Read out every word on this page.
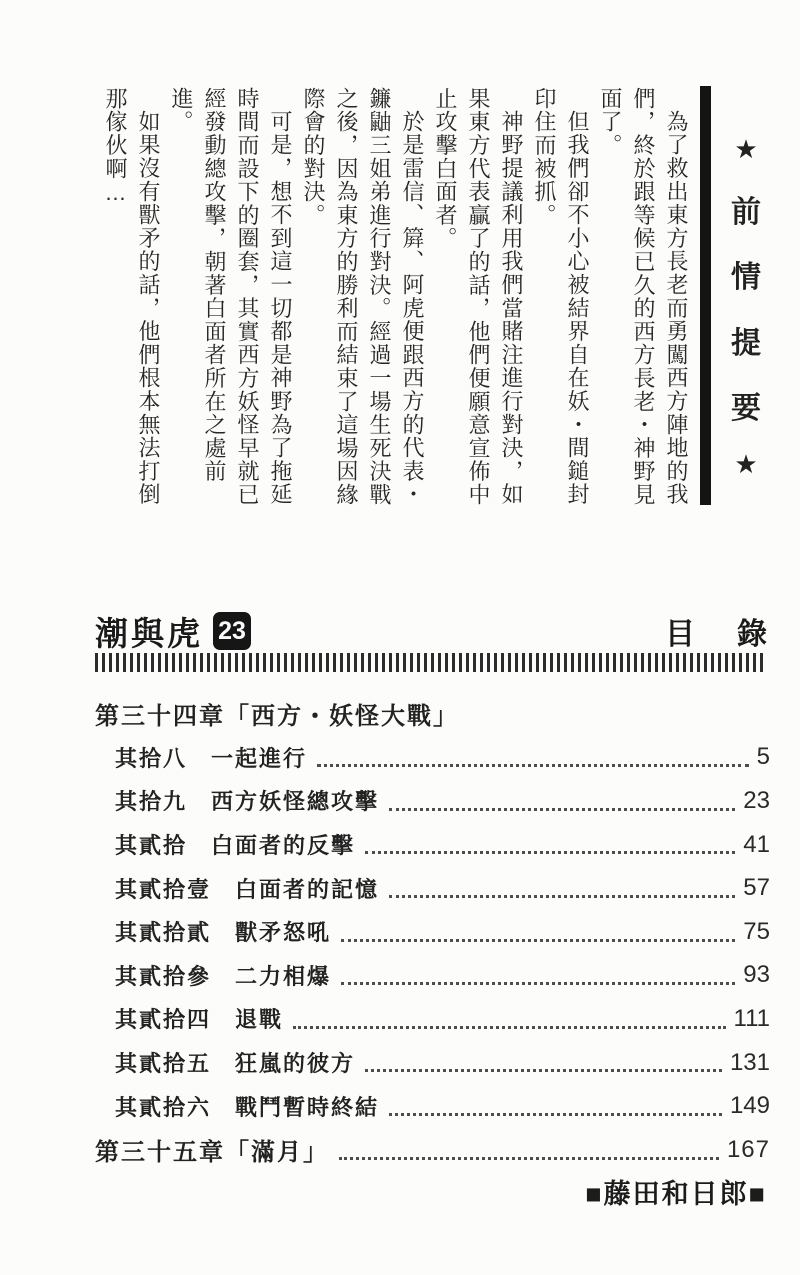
★
前
情
提
要
★

為了救出東方長老而勇闖西方陣地的我們，終於跟等候已久的西方長老・神野見面了。

但我們卻不小心被結界自在妖・間鎚封印住而被抓。

神野提議利用我們當賭注進行對決，如果東方代表贏了的話，他們便願意宣佈中止攻擊白面者。

於是雷信、簈、阿虎便跟西方的代表・鐮鼬三姐弟進行對決。經過一場生死決戰之後，因為東方的勝利而結束了這場因緣際會的對決。

可是，想不到這一切都是神野為了拖延時間而設下的圈套，其實西方妖怪早就已經發動總攻擊，朝著白面者所在之處前進。

如果沒有獸矛的話，他們根本無法打倒那傢伙啊…

潮與虎 23	目 錄
第三十四章「西方・妖怪大戰」
其拾八 一起進行	5
其拾九 西方妖怪總攻擊	23
其貳拾 白面者的反擊	41
其貳拾壹 白面者的記憶	57
其貳拾貳 獸矛怒吼	75
其貳拾參 二力相爆	93
其貳拾四 退戰	111
其貳拾五 狂嵐的彼方	131
其貳拾六 戰鬥暫時終結	149
第三十五章「滿月」	167
■藤田和日郎■
